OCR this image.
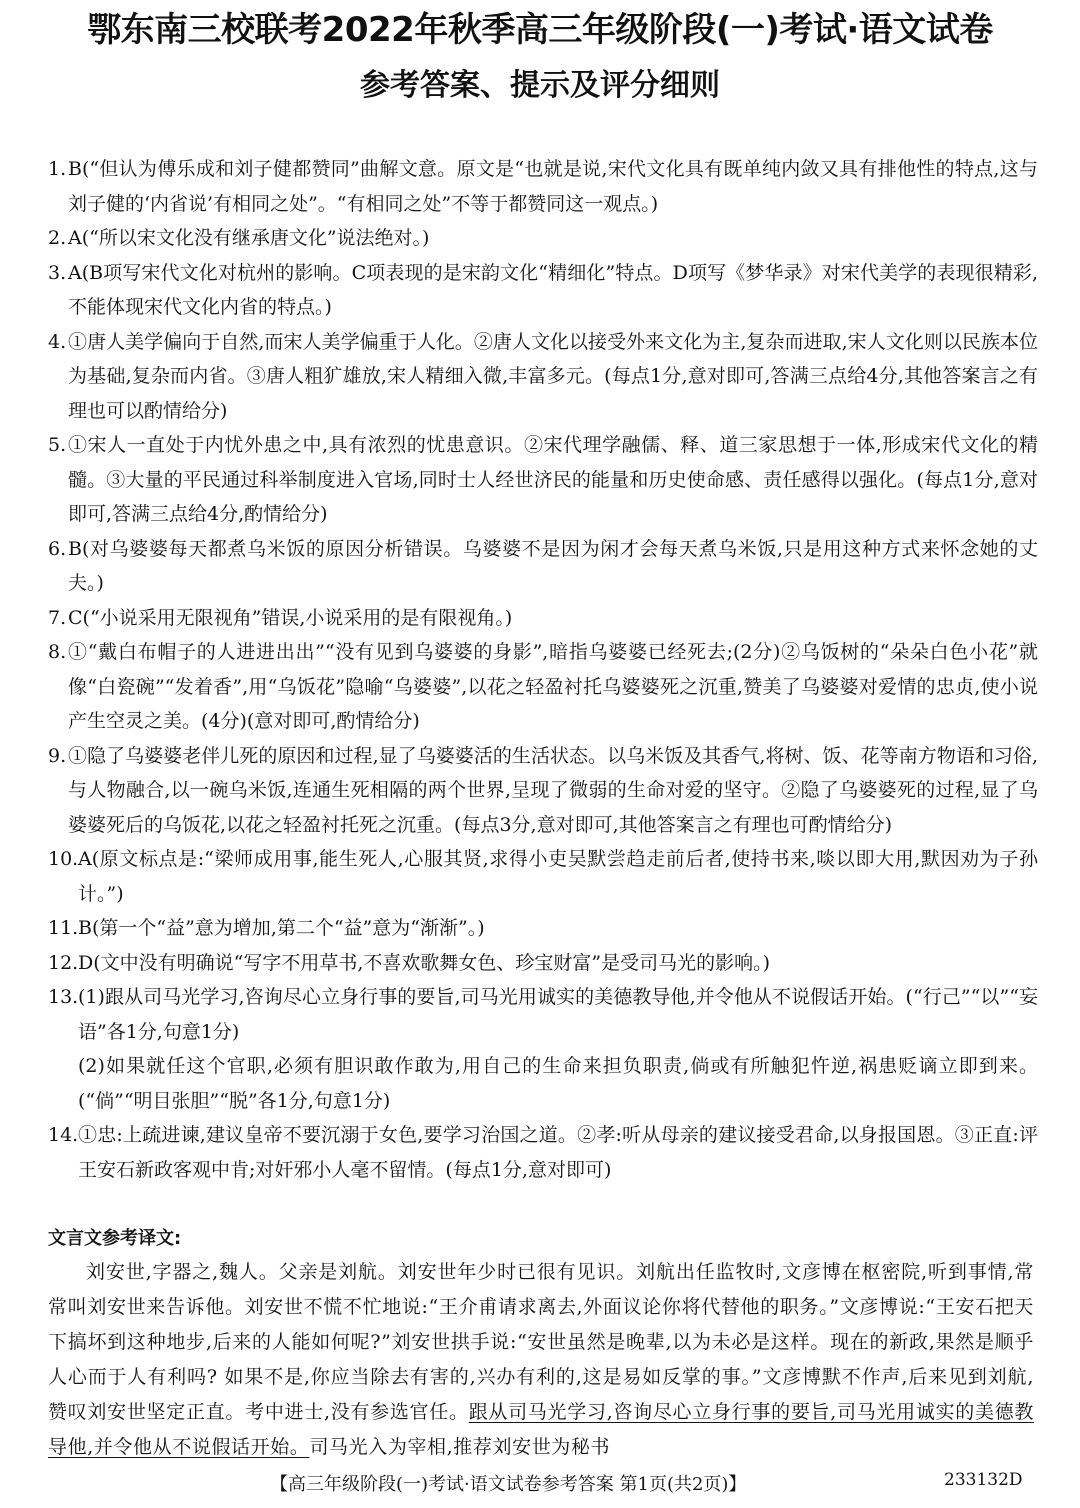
鄂东南三校联考2022年秋季高三年级阶段(一)考试·语文试卷
参考答案、提示及评分细则
1. B(“但认为傅乐成和刘子健都赞同”曲解文意。原文是“也就是说,宋代文化具有既单纯内敛又具有排他性的特点,这与刘子健的‘内省说’有相同之处”。“有相同之处”不等于都赞同这一观点。)
2. A(“所以宋文化没有继承唐文化”说法绝对。)
3. A(B项写宋代文化对杭州的影响。C项表现的是宋韵文化“精细化”特点。D项写《梦华录》对宋代美学的表现很精彩,不能体现宋代文化内省的特点。)
4. ①唐人美学偏向于自然,而宋人美学偏重于人化。②唐人文化以接受外来文化为主,复杂而进取,宋人文化则以民族本位为基础,复杂而内省。③唐人粗犷雄放,宋人精细入微,丰富多元。(每点1分,意对即可,答满三点给4分,其他答案言之有理也可以酌情给分)
5. ①宋人一直处于内忧外患之中,具有浓烈的忧患意识。②宋代理学融儒、释、道三家思想于一体,形成宋代文化的精髓。③大量的平民通过科举制度进入官场,同时士人经世济民的能量和历史使命感、责任感得以强化。(每点1分,意对即可,答满三点给4分,酌情给分)
6. B(对乌婆婆每天都煮乌米饭的原因分析错误。乌婆婆不是因为闲才会每天煮乌米饭,只是用这种方式来怀念她的丈夫。)
7. C(“小说采用无限视角”错误,小说采用的是有限视角。)
8. ①“戴白布帽子的人进进出出”“没有见到乌婆婆的身影”,暗指乌婆婆已经死去;(2分)②乌饭树的“朵朵白色小花”就像“白瓷碗”“发着香”,用“乌饭花”隐喻“乌婆婆”,以花之轻盈衬托乌婆婆死之沉重,赞美了乌婆婆对爱情的忠贞,使小说产生空灵之美。(4分)(意对即可,酌情给分)
9. ①隐了乌婆婆老伴儿死的原因和过程,显了乌婆婆活的生活状态。以乌米饭及其香气,将树、饭、花等南方物语和习俗,与人物融合,以一碗乌米饭,连通生死相隔的两个世界,呈现了微弱的生命对爱的坚守。②隐了乌婆婆死的过程,显了乌婆婆死后的乌饭花,以花之轻盈衬托死之沉重。(每点3分,意对即可,其他答案言之有理也可酌情给分)
10. A(原文标点是:“梁师成用事,能生死人,心服其贤,求得小吏吴默尝趋走前后者,使持书来,啖以即大用,默因劝为子孙计。”)
11. B(第一个“益”意为增加,第二个“益”意为“渐渐”。)
12. D(文中没有明确说“写字不用草书,不喜欢歌舞女色、珍宝财富”是受司马光的影响。)
13. (1)跟从司马光学习,咨询尽心立身行事的要旨,司马光用诚实的美德教导他,并令他从不说假话开始。(“行己”“以”“妄语”各1分,句意1分)
(2)如果就任这个官职,必须有胆识敢作敢为,用自己的生命来担负职责,倘或有所触犯忤逆,祸患贬谪立即到来。(“倘”“明目张胆”“脱”各1分,句意1分)
14. ①忠:上疏进谏,建议皇帝不要沉溺于女色,要学习治国之道。②孝:听从母亲的建议接受君命,以身报国恩。③正直:评王安石新政客观中肯;对奸邪小人毫不留情。(每点1分,意对即可)
文言文参考译文:
刘安世,字器之,魏人。父亲是刘航。刘安世年少时已很有见识。刘航出任监牧时,文彦博在枢密院,听到事情,常常叫刘安世来告诉他。刘安世不慌不忙地说:“王介甫请求离去,外面议论你将代替他的职务。”文彦博说:“王安石把天下搞坏到这种地步,后来的人能如何呢?”刘安世拱手说:“安世虽然是晚辈,以为未必是这样。现在的新政,果然是顺乎人心而于人有利吗? 如果不是,你应当除去有害的,兴办有利的,这是易如反掌的事。”文彦博默不作声,后来见到刘航,赞叹刘安世坚定正直。考中进士,没有参选官任。跟从司马光学习,咨询尽心立身行事的要旨,司马光用诚实的美德教导他,并令他从不说假话开始。司马光入为宰相,推荐刘安世为秘书
【高三年级阶段(一)考试·语文试卷参考答案 第1页(共2页)】	233132D
